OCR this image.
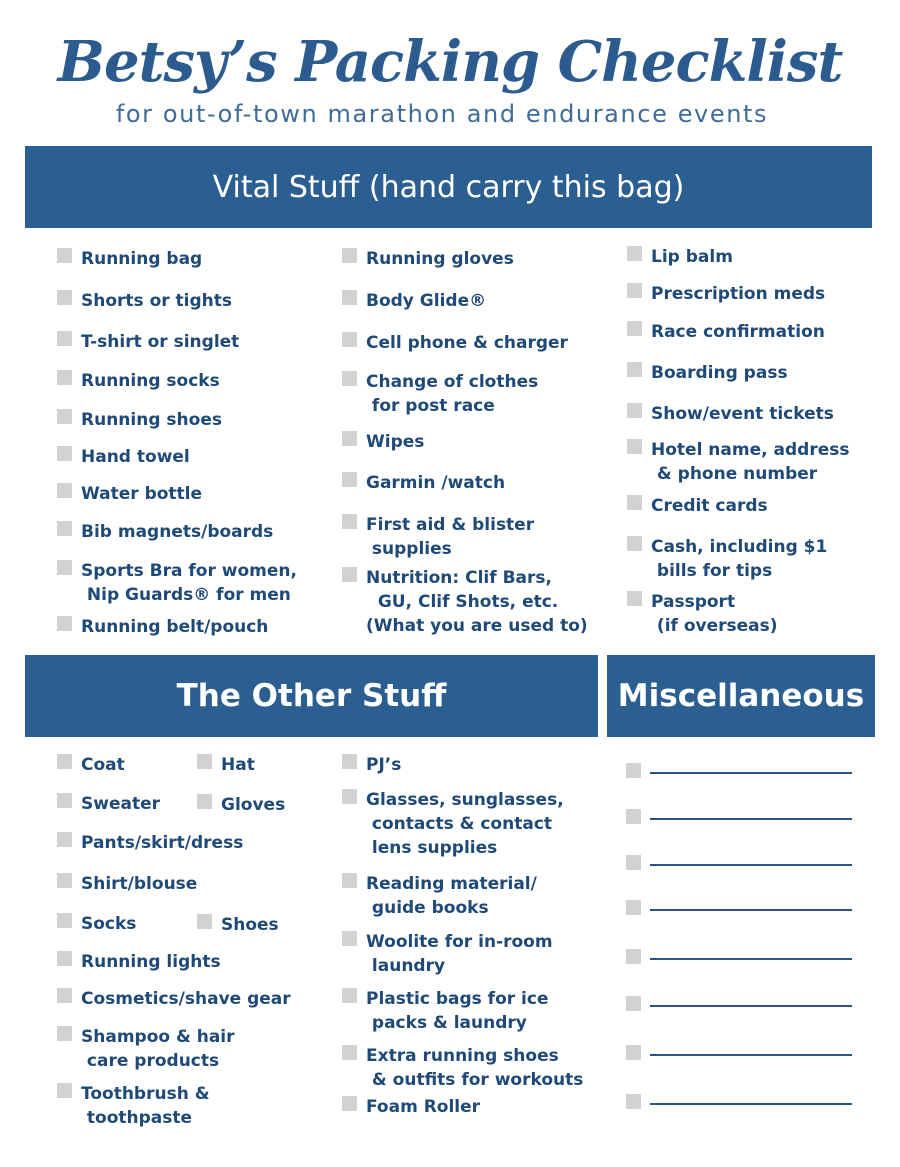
Betsy’s Packing Checklist
for out-of-town marathon and endurance events
Vital Stuff (hand carry this bag)
The Other Stuff	Miscellaneous
Running bag
Shorts or tights
T-shirt or singlet
Running socks
Running shoes
Hand towel
Water bottle
Bib magnets/boards
Sports Bra for women,
Nip Guards® for men
Running belt/pouch
Running gloves
Body Glide®
Cell phone & charger
Change of clothes
for post race
Wipes
Garmin /watch
First aid & blister
supplies
Nutrition: Clif Bars,
GU, Clif Shots, etc.
(What you are used to)
Lip balm
Prescription meds
Race confirmation
Boarding pass
Show/event tickets
Hotel name, address
& phone number
Credit cards
Cash, including $1
bills for tips
Passport
(if overseas)
Coat
Sweater
Pants/skirt/dress
Shirt/blouse
Socks
Running lights
Cosmetics/shave gear
Shampoo & hair
care products
Toothbrush &
toothpaste
Hat
Gloves
Shoes
PJ’s
Glasses, sunglasses,
contacts & contact
lens supplies
Reading material/
guide books
Woolite for in-room
laundry
Plastic bags for ice
packs & laundry
Extra running shoes
& outfits for workouts
Foam Roller
